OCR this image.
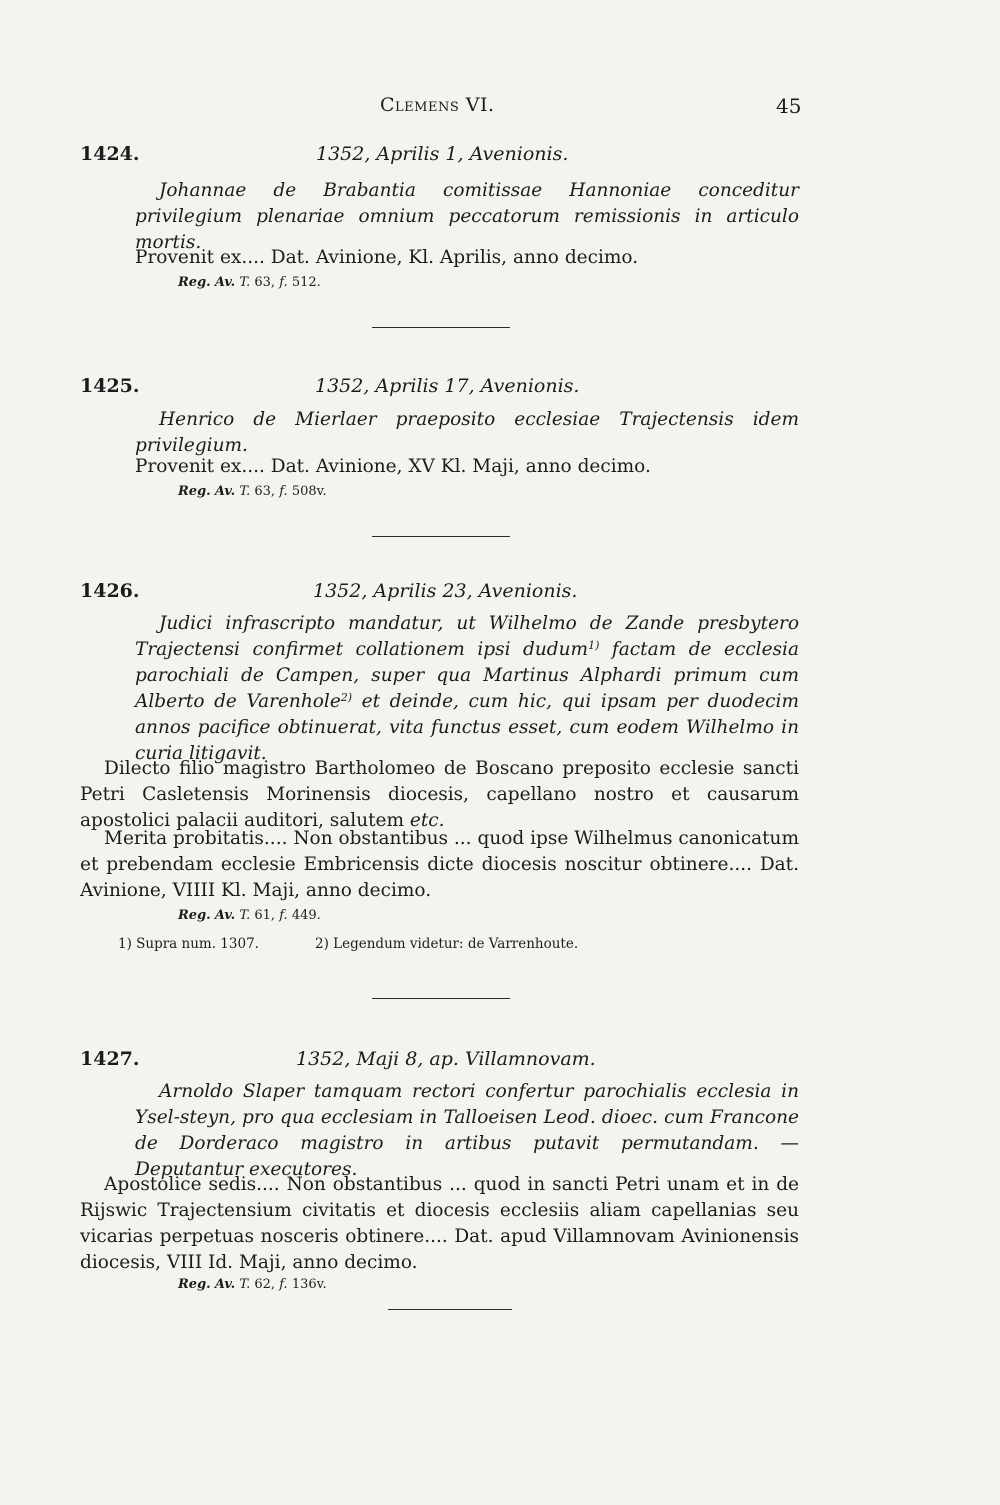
Clemens VI.	45
1424.	1352, Aprilis 1, Avenionis.
Johannae de Brabantia comitissae Hannoniae conceditur privilegium plenariae omnium peccatorum remissionis in articulo mortis.
Provenit ex.... Dat. Avinione, Kl. Aprilis, anno decimo.
Reg. Av. T. 63, f. 512.
1425.	1352, Aprilis 17, Avenionis.
Henrico de Mierlaer praeposito ecclesiae Trajectensis idem privilegium.
Provenit ex.... Dat. Avinione, XV Kl. Maji, anno decimo.
Reg. Av. T. 63, f. 508v.
1426.	1352, Aprilis 23, Avenionis.
Judici infrascripto mandatur, ut Wilhelmo de Zande presbytero Trajectensi confirmet collationem ipsi dudum$^{1)}$ factam de ecclesia parochiali de Campen, super qua Martinus Alphardi primum cum Alberto de Varenhole$^{2)}$ et deinde, cum hic, qui ipsam per duodecim annos pacifice obtinuerat, vita functus esset, cum eodem Wilhelmo in curia litigavit.
Dilecto filio magistro Bartholomeo de Boscano preposito ecclesie sancti Petri Casletensis Morinensis diocesis, capellano nostro et causarum apostolici palacii auditori, salutem etc.
Merita probitatis.... Non obstantibus ... quod ipse Wilhelmus canonicatum et prebendam ecclesie Embricensis dicte diocesis noscitur obtinere.... Dat. Avinione, VIIII Kl. Maji, anno decimo.
Reg. Av. T. 61, f. 449.
1) Supra num. 1307.	2) Legendum videtur: de Varrenhoute.
1427.	1352, Maji 8, ap. Villamnovam.
Arnoldo Slaper tamquam rectori confertur parochialis ecclesia in Ysel-steyn, pro qua ecclesiam in Talloeisen Leod. dioec. cum Francone de Dorderaco magistro in artibus putavit permutandam. — Deputantur executores.
Apostolice sedis.... Non obstantibus ... quod in sancti Petri unam et in de Rijswic Trajectensium civitatis et diocesis ecclesiis aliam capellanias seu vicarias perpetuas nosceris obtinere.... Dat. apud Villamnovam Avinionensis diocesis, VIII Id. Maji, anno decimo.
Reg. Av. T. 62, f. 136v.
